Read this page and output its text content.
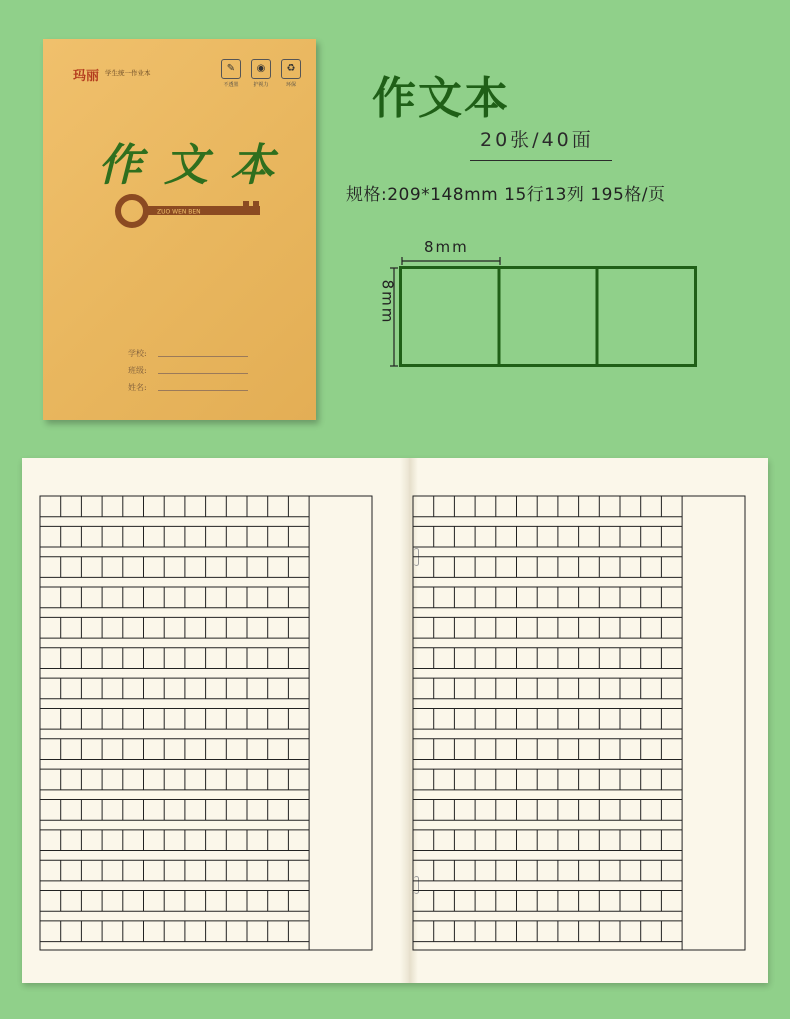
玛丽 学生统一作业本	✎
不透墨
◉
护视力
♻
环保
作文本
ZUO WEN BEN
学校:
班级:
姓名:
作文本
20张/40面
规格:209*148mm 15行13列 195格/页
8mm
8mm
